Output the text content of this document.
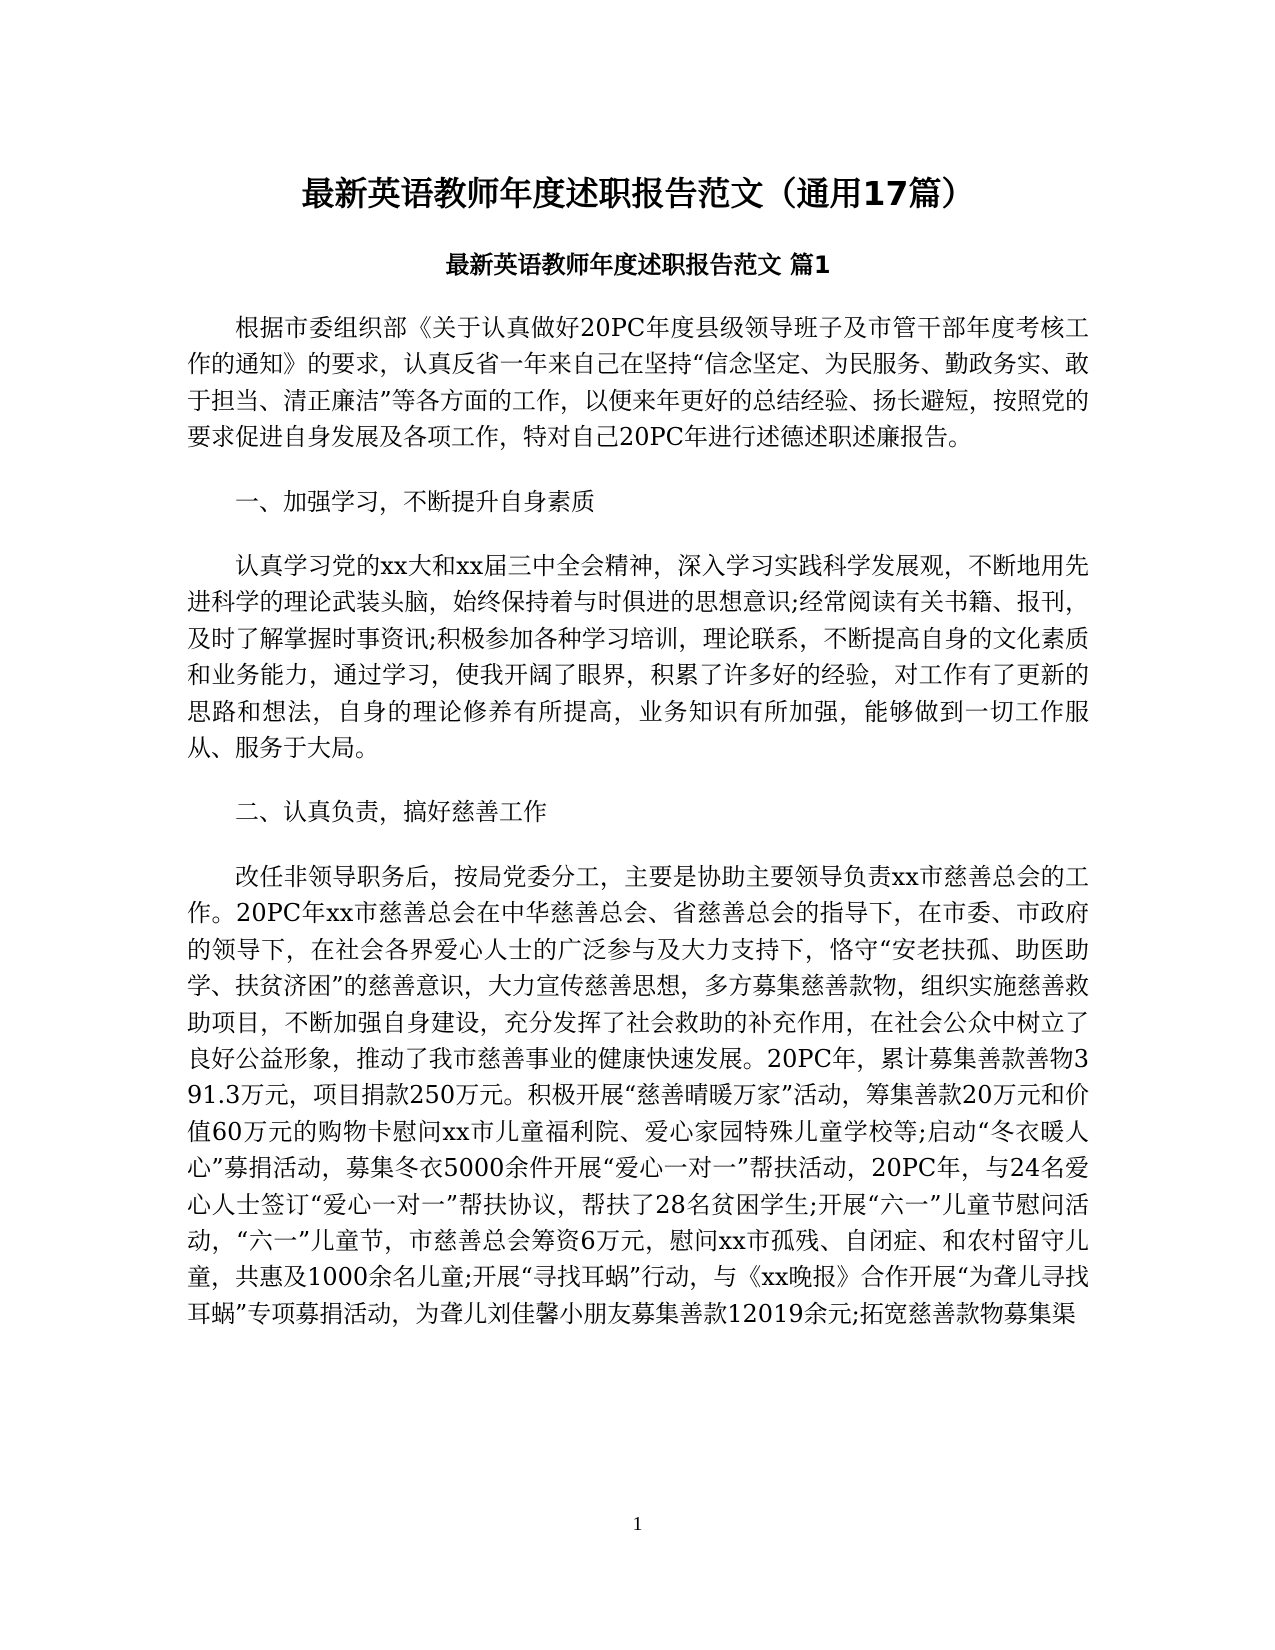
最新英语教师年度述职报告范文（通用17篇）
最新英语教师年度述职报告范文 篇1

根据市委组织部《关于认真做好20PC年度县级领导班子及市管干部年度考核工作的通知》的要求，认真反省一年来自己在坚持“信念坚定、为民服务、勤政务实、敢于担当、清正廉洁”等各方面的工作，以便来年更好的总结经验、扬长避短，按照党的要求促进自身发展及各项工作，特对自己20PC年进行述德述职述廉报告。

一、加强学习，不断提升自身素质

认真学习党的xx大和xx届三中全会精神，深入学习实践科学发展观，不断地用先进科学的理论武装头脑，始终保持着与时俱进的思想意识;经常阅读有关书籍、报刊，及时了解掌握时事资讯;积极参加各种学习培训，理论联系，不断提高自身的文化素质和业务能力，通过学习，使我开阔了眼界，积累了许多好的经验，对工作有了更新的思路和想法，自身的理论修养有所提高，业务知识有所加强，能够做到一切工作服从、服务于大局。

二、认真负责，搞好慈善工作

改任非领导职务后，按局党委分工，主要是协助主要领导负责xx市慈善总会的工作。20PC年xx市慈善总会在中华慈善总会、省慈善总会的指导下，在市委、市政府的领导下，在社会各界爱心人士的广泛参与及大力支持下，恪守“安老扶孤、助医助学、扶贫济困”的慈善意识，大力宣传慈善思想，多方募集慈善款物，组织实施慈善救助项目，不断加强自身建设，充分发挥了社会救助的补充作用，在社会公众中树立了良好公益形象，推动了我市慈善事业的健康快速发展。20PC年，累计募集善款善物391.3万元，项目捐款250万元。积极开展“慈善晴暖万家”活动，筹集善款20万元和价值60万元的购物卡慰问xx市儿童福利院、爱心家园特殊儿童学校等;启动“冬衣暖人心”募捐活动，募集冬衣5000余件开展“爱心一对一”帮扶活动，20PC年，与24名爱心人士签订“爱心一对一”帮扶协议，帮扶了28名贫困学生;开展“六一”儿童节慰问活动，“六一”儿童节，市慈善总会筹资6万元，慰问xx市孤残、自闭症、和农村留守儿童，共惠及1000余名儿童;开展“寻找耳蜗”行动，与《xx晚报》合作开展“为聋儿寻找耳蜗”专项募捐活动，为聋儿刘佳馨小朋友募集善款12019余元;拓宽慈善款物募集渠

1
